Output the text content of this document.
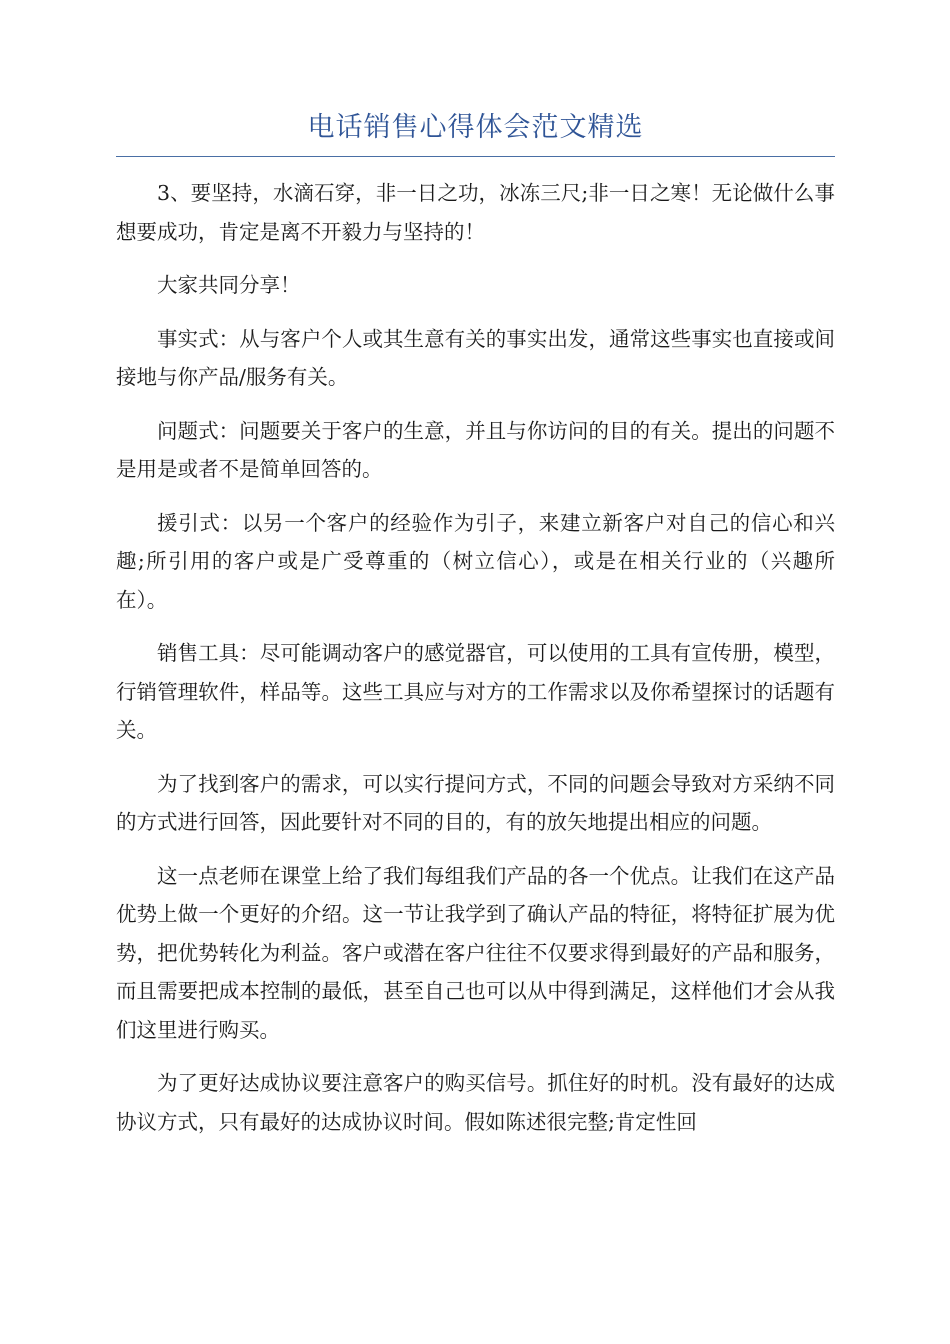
电话销售心得体会范文精选

3、要坚持，水滴石穿，非一日之功，冰冻三尺;非一日之寒！无论做什么事想要成功，肯定是离不开毅力与坚持的！

大家共同分享！

事实式：从与客户个人或其生意有关的事实出发，通常这些事实也直接或间接地与你产品/服务有关。

问题式：问题要关于客户的生意，并且与你访问的目的有关。提出的问题不是用是或者不是简单回答的。

援引式：以另一个客户的经验作为引子，来建立新客户对自己的信心和兴趣;所引用的客户或是广受尊重的（树立信心），或是在相关行业的（兴趣所在）。

销售工具：尽可能调动客户的感觉器官，可以使用的工具有宣传册，模型，行销管理软件，样品等。这些工具应与对方的工作需求以及你希望探讨的话题有关。

为了找到客户的需求，可以实行提问方式，不同的问题会导致对方采纳不同的方式进行回答，因此要针对不同的目的，有的放矢地提出相应的问题。

这一点老师在课堂上给了我们每组我们产品的各一个优点。让我们在这产品优势上做一个更好的介绍。这一节让我学到了确认产品的特征，将特征扩展为优势，把优势转化为利益。客户或潜在客户往往不仅要求得到最好的产品和服务，而且需要把成本控制的最低，甚至自己也可以从中得到满足，这样他们才会从我们这里进行购买。

为了更好达成协议要注意客户的购买信号。抓住好的时机。没有最好的达成协议方式，只有最好的达成协议时间。假如陈述很完整;肯定性回
